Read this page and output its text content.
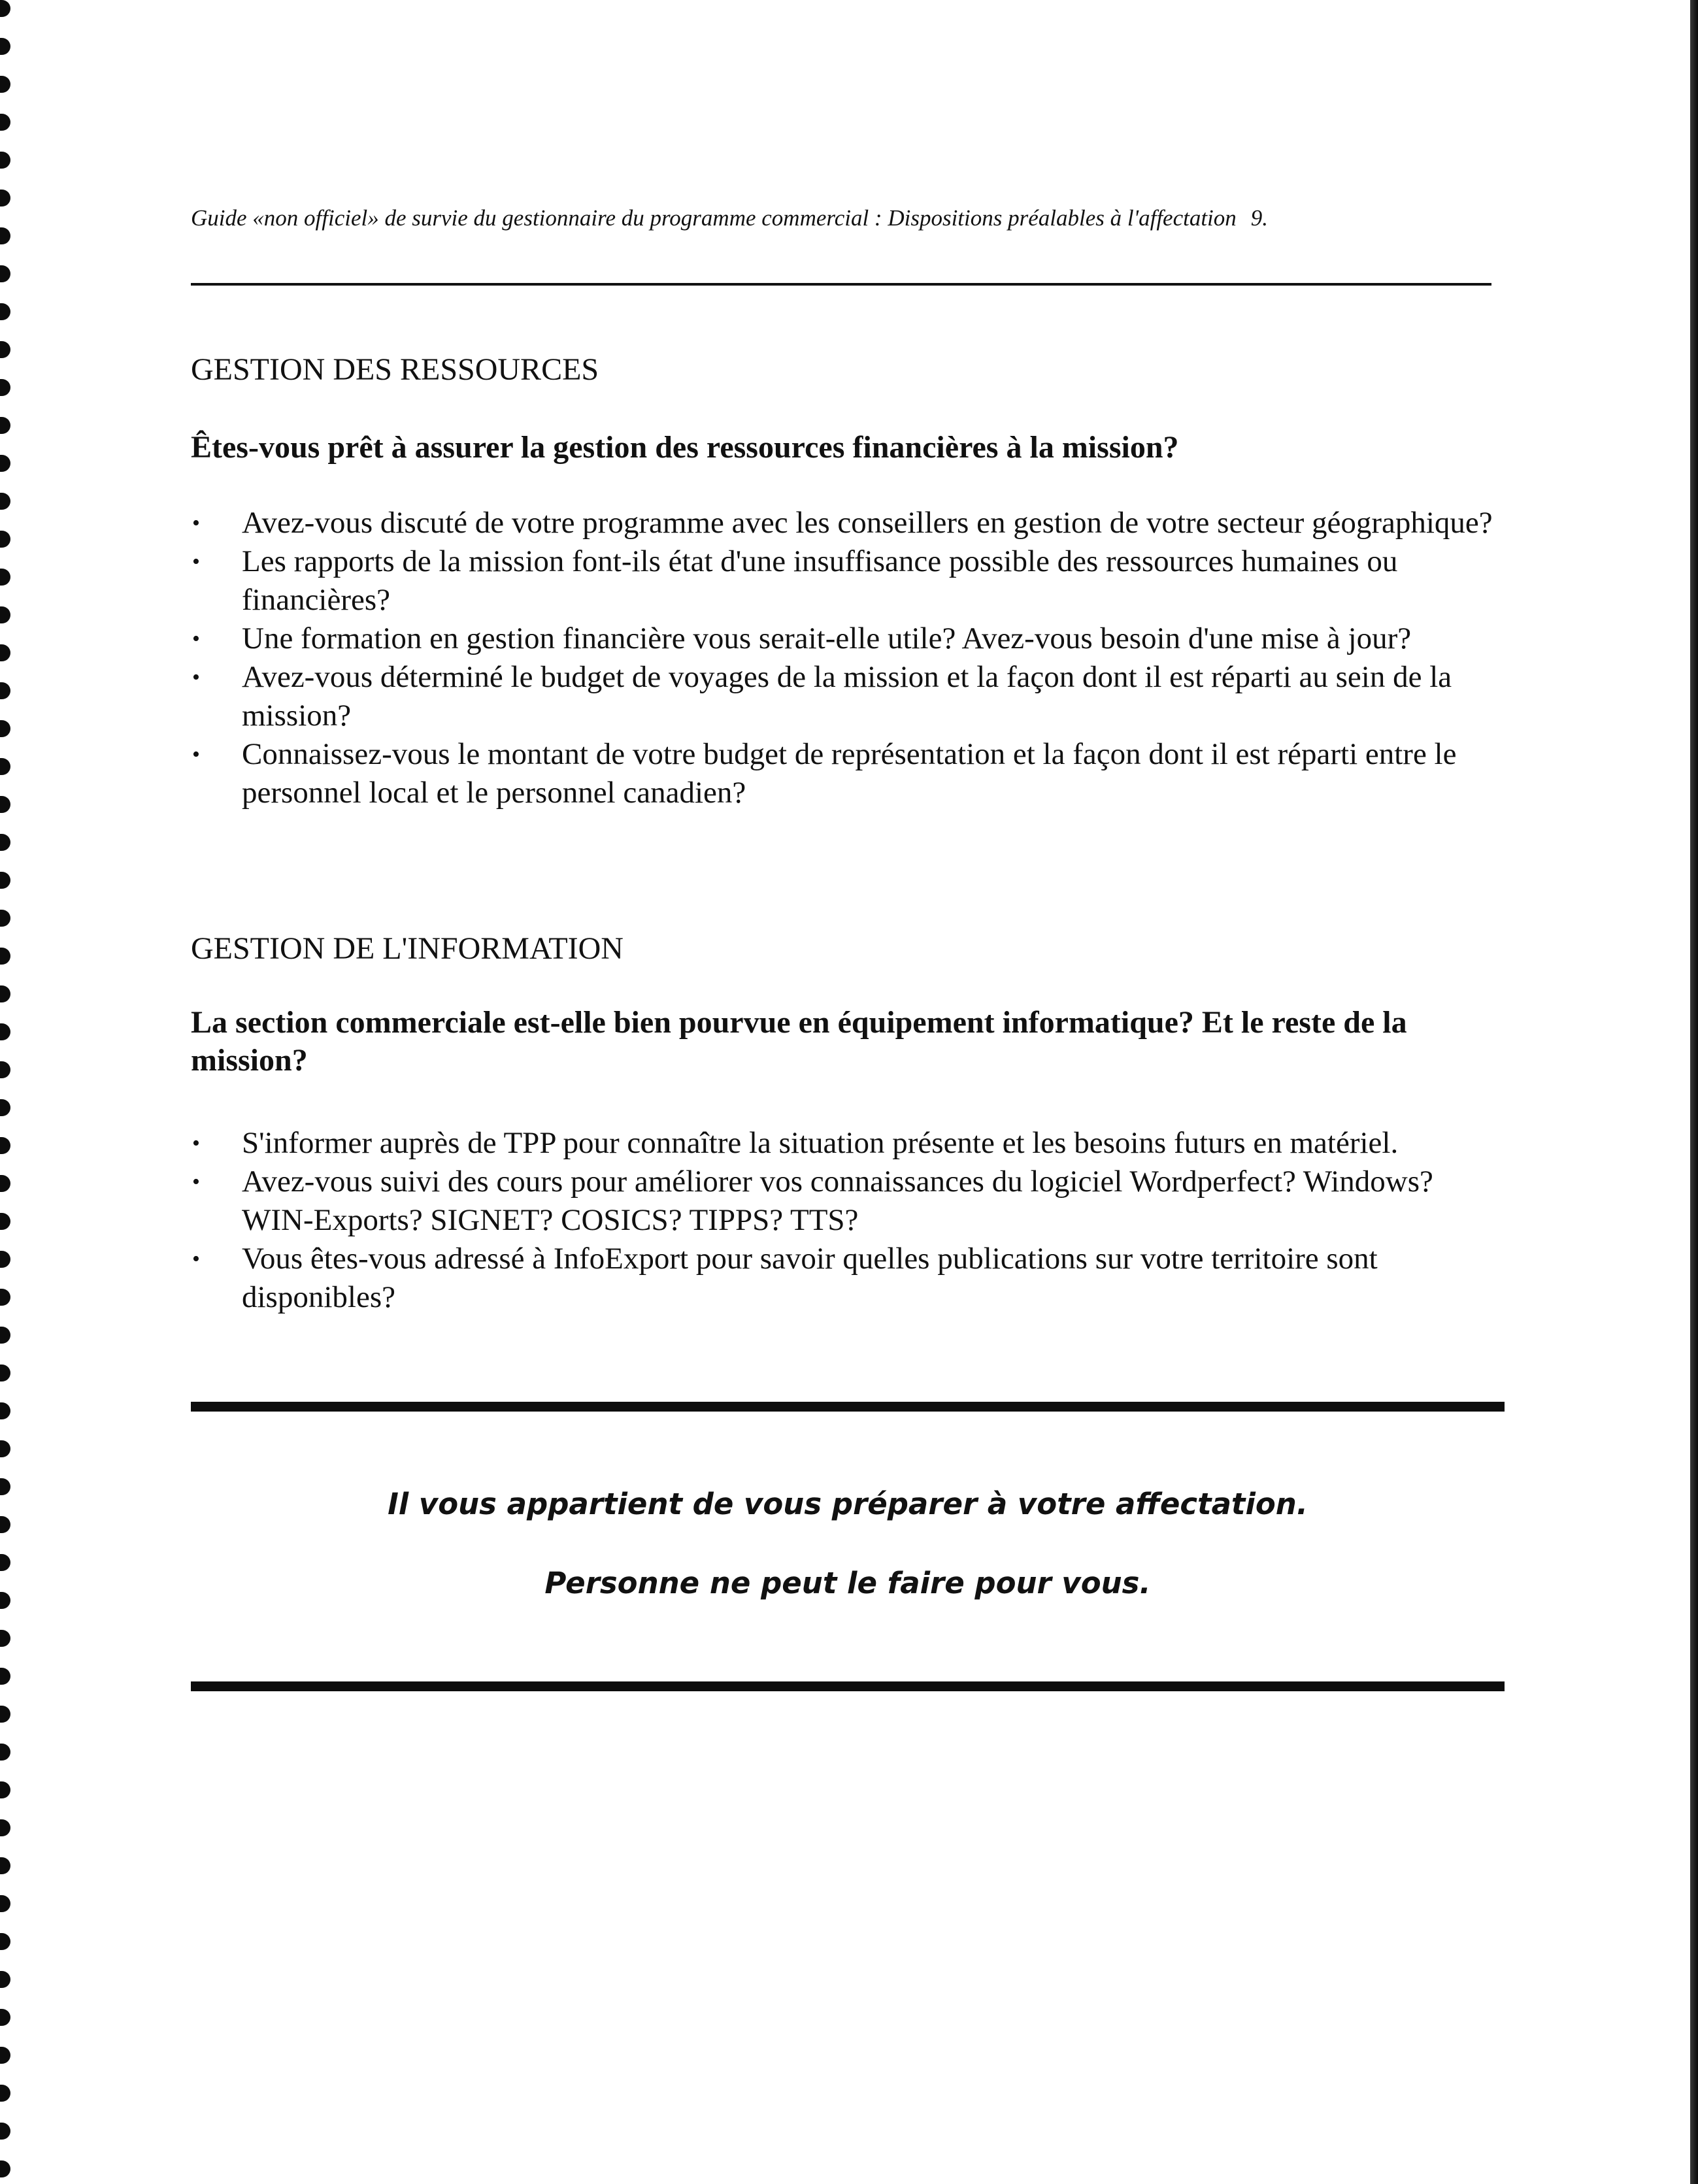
Guide «non officiel» de survie du gestionnaire du programme commercial : Dispositions préalables à l'affectation 9.
GESTION DES RESSOURCES
Êtes-vous prêt à assurer la gestion des ressources financières à la mission?
• Avez-vous discuté de votre programme avec les conseillers en gestion de votre secteur géographique?
• Les rapports de la mission font-ils état d'une insuffisance possible des ressources humaines ou financières?
• Une formation en gestion financière vous serait-elle utile? Avez-vous besoin d'une mise à jour?
• Avez-vous déterminé le budget de voyages de la mission et la façon dont il est réparti au sein de la mission?
• Connaissez-vous le montant de votre budget de représentation et la façon dont il est réparti entre le personnel local et le personnel canadien?
GESTION DE L'INFORMATION
La section commerciale est-elle bien pourvue en équipement informatique? Et le reste de la mission?
• S'informer auprès de TPP pour connaître la situation présente et les besoins futurs en matériel.
• Avez-vous suivi des cours pour améliorer vos connaissances du logiciel Wordperfect? Windows? WIN-Exports? SIGNET? COSICS? TIPPS? TTS?
• Vous êtes-vous adressé à InfoExport pour savoir quelles publications sur votre territoire sont disponibles?
Il vous appartient de vous préparer à votre affectation.
Personne ne peut le faire pour vous.
